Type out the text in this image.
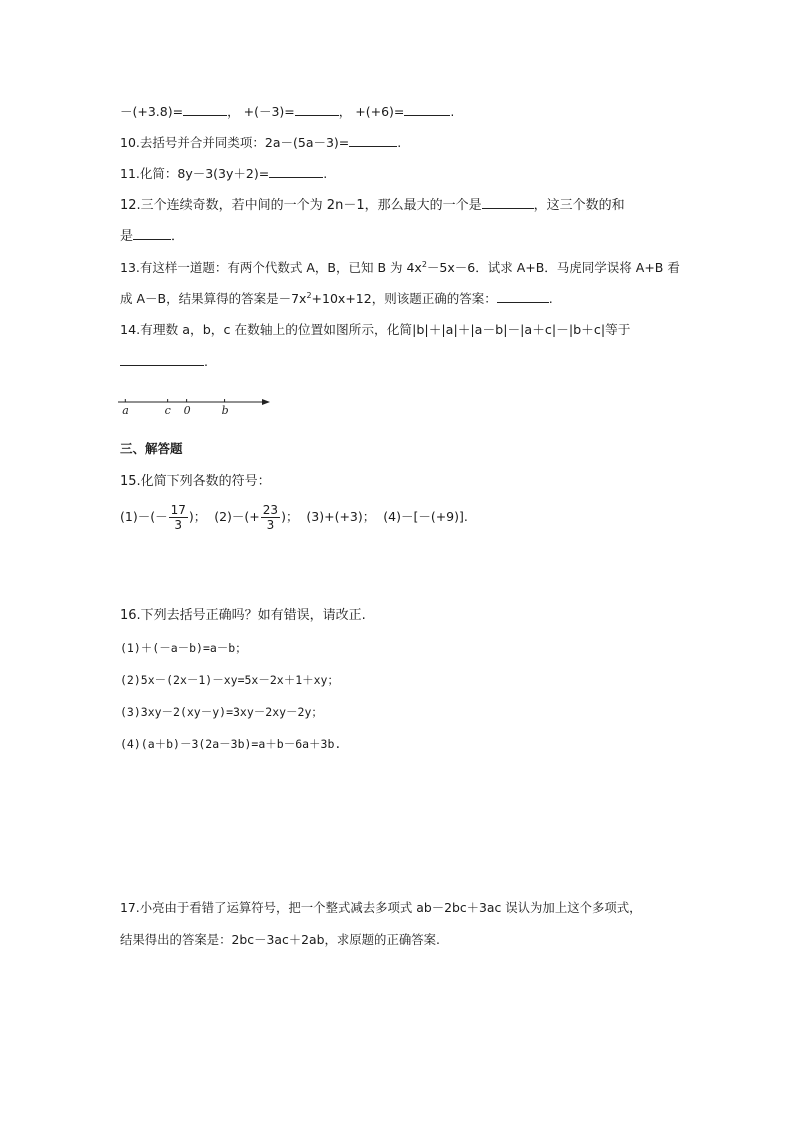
－(+3.8)=	， +(－3)=	， +(+6)=	.
10.去括号并合并同类项：2a－(5a－3)=	.
11.化简：8y－3(3y＋2)=	.
12.三个连续奇数，若中间的一个为 2n－1，那么最大的一个是	，这三个数的和
是	．
13.有这样一道题：有两个代数式 A，B，已知 B 为 $4x^2-5x-6$．试求 A+B．马虎同学误将 A+B 看
成 A－B，结果算得的答案是$-7x^2+10x+12$，则该题正确的答案：	.
14.有理数 a，b，c 在数轴上的位置如图所示，化简|b|＋|a|＋|a－b|－|a＋c|－|b＋c|等于
.
a	c 0	b
三、解答题
15.化简下列各数的符号：
$(1)-(- \frac{17}{3}$ )； $(2)-(+ \frac{23}{3}$ )； (3)+(+3)； (4)－[－(+9)].
16.下列去括号正确吗？如有错误，请改正.
(1)＋(－a－b)=a－b；
(2)5x－(2x－1)－xy=5x－2x＋1＋xy；
(3)3xy－2(xy－y)=3xy－2xy－2y；
(4)(a＋b)－3(2a－3b)=a＋b－6a＋3b.
17.小亮由于看错了运算符号，把一个整式减去多项式 ab－2bc＋3ac 误认为加上这个多项式，
结果得出的答案是：2bc－3ac＋2ab，求原题的正确答案.
